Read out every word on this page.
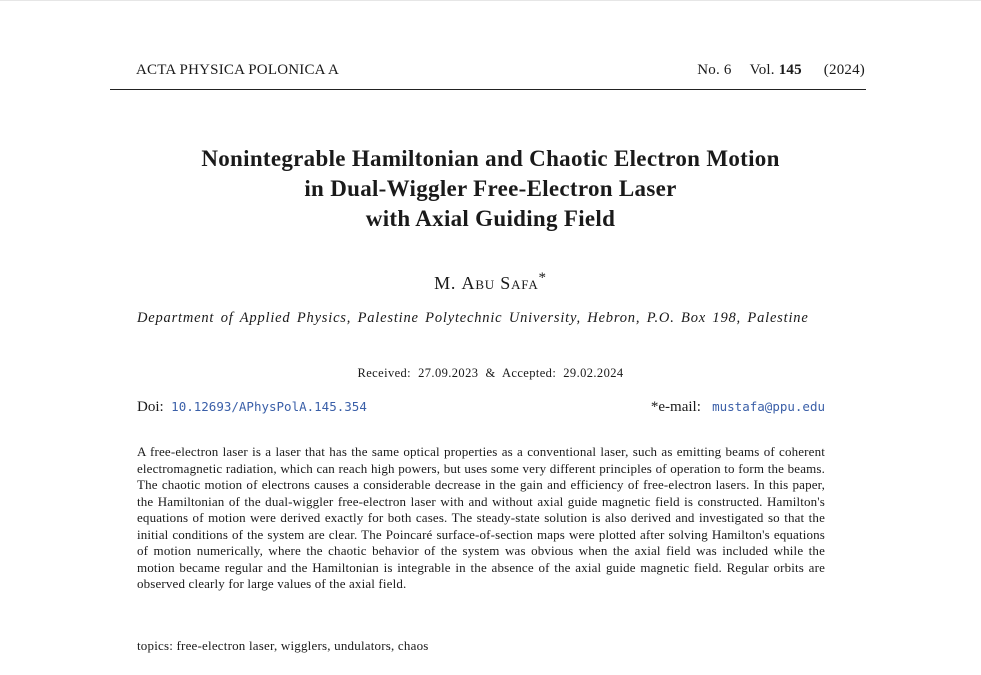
ACTA PHYSICA POLONICA A	No. 6 Vol. 145 (2024)
Nonintegrable Hamiltonian and Chaotic Electron Motion
in Dual-Wiggler Free-Electron Laser
with Axial Guiding Field
M. Abu Safa*
Department of Applied Physics, Palestine Polytechnic University, Hebron, P.O. Box 198, Palestine
Received: 27.09.2023 & Accepted: 29.02.2024
Doi: 10.12693/APhysPolA.145.354	*e-mail: mustafa@ppu.edu
A free-electron laser is a laser that has the same optical properties as a conventional laser, such as emitting beams of coherent electromagnetic radiation, which can reach high powers, but uses some very different principles of operation to form the beams. The chaotic motion of electrons causes a considerable decrease in the gain and efficiency of free-electron lasers. In this paper, the Hamiltonian of the dual-wiggler free-electron laser with and without axial guide magnetic field is constructed. Hamilton's equations of motion were derived exactly for both cases. The steady-state solution is also derived and investigated so that the initial conditions of the system are clear. The Poincaré surface-of-section maps were plotted after solving Hamilton's equations of motion numerically, where the chaotic behavior of the system was obvious when the axial field was included while the motion became regular and the Hamiltonian is integrable in the absence of the axial guide magnetic field. Regular orbits are observed clearly for large values of the axial field.
topics: free-electron laser, wigglers, undulators, chaos
